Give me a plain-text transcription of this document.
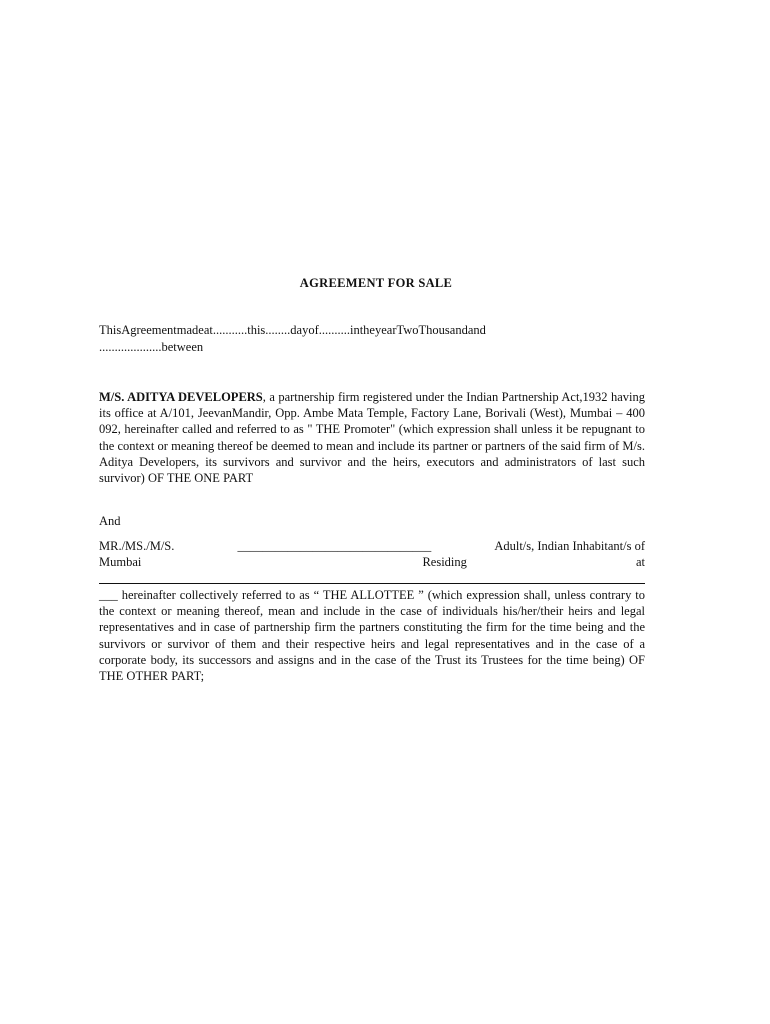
AGREEMENT FOR SALE
ThisAgreementmadeat...........this........dayof..........intheyearTwoThousandand
....................between
M/S. ADITYA DEVELOPERS, a partnership firm registered under the Indian Partnership Act,1932 having its office at A/101, JeevanMandir, Opp. Ambe Mata Temple, Factory Lane, Borivali (West), Mumbai – 400 092, hereinafter called and referred to as " THE Promoter" (which expression shall unless it be repugnant to the context or meaning thereof be deemed to mean and include its partner or partners of the said firm of M/s. Aditya Developers, its survivors and survivor and the heirs, executors and administrators of last such survivor) OF THE ONE PART
And
MR./MS./M/S.	_______________________________	Adult/s, Indian Inhabitant/s of
Mumbai	Residing	at
___ hereinafter collectively referred to as “ THE ALLOTTEE ” (which expression shall, unless contrary to the context or meaning thereof, mean and include in the case of individuals his/her/their heirs and legal representatives and in case of partnership firm the partners constituting the firm for the time being and the survivors or survivor of them and their respective heirs and legal representatives and in the case of a corporate body, its successors and assigns and in the case of the Trust its Trustees for the time being) OF THE OTHER PART;
